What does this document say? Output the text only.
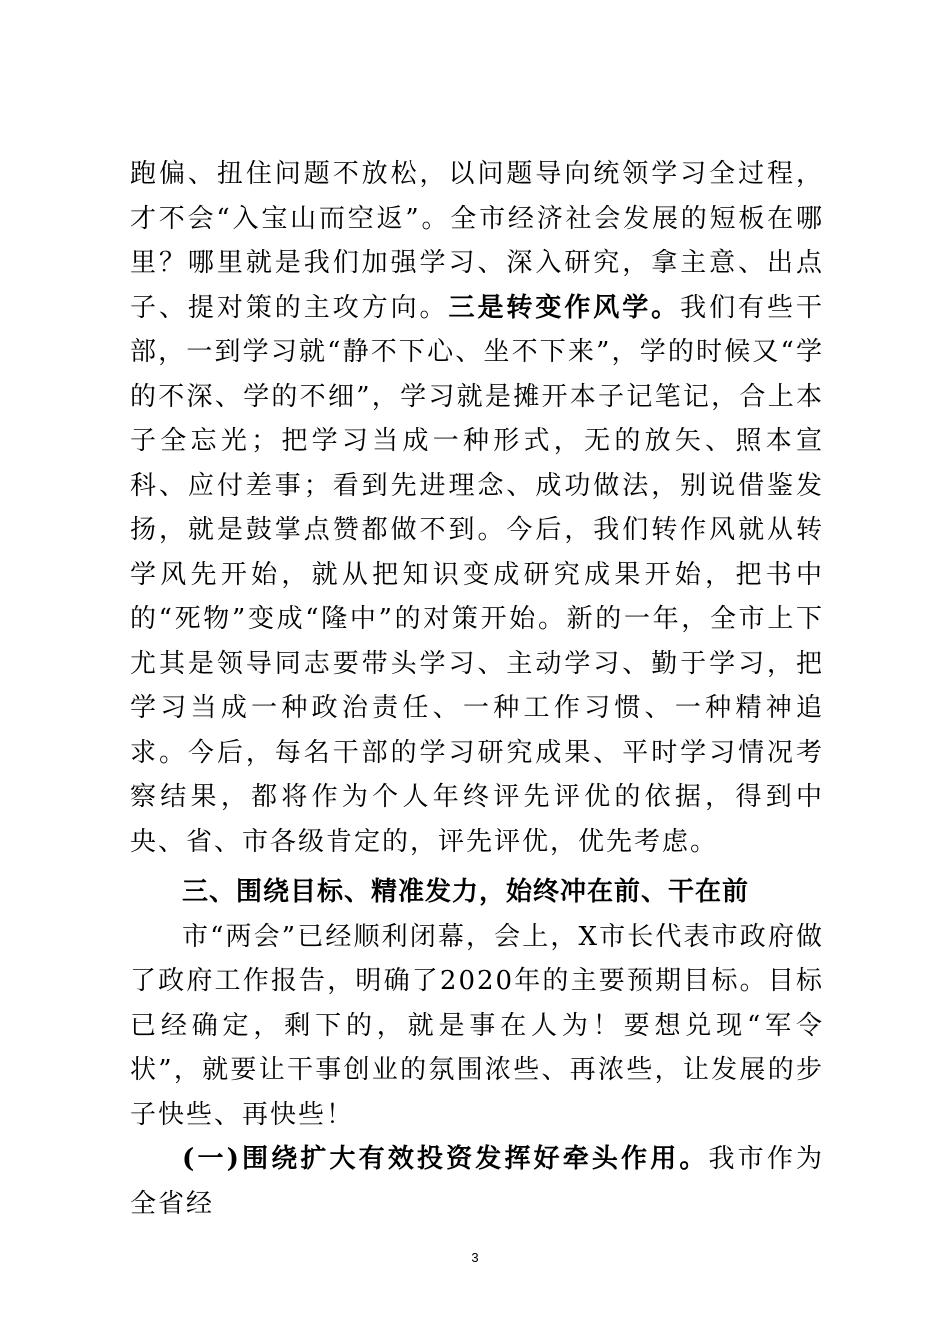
跑偏、扭住问题不放松，以问题导向统领学习全过程，才不会“入宝山而空返”。全市经济社会发展的短板在哪里？哪里就是我们加强学习、深入研究，拿主意、出点子、提对策的主攻方向。三是转变作风学。我们有些干部，一到学习就“静不下心、坐不下来”，学的时候又“学的不深、学的不细”，学习就是摊开本子记笔记，合上本子全忘光；把学习当成一种形式，无的放矢、照本宣科、应付差事；看到先进理念、成功做法，别说借鉴发扬，就是鼓掌点赞都做不到。今后，我们转作风就从转学风先开始，就从把知识变成研究成果开始，把书中的“死物”变成“隆中”的对策开始。新的一年，全市上下尤其是领导同志要带头学习、主动学习、勤于学习，把学习当成一种政治责任、一种工作习惯、一种精神追求。今后，每名干部的学习研究成果、平时学习情况考察结果，都将作为个人年终评先评优的依据，得到中央、省、市各级肯定的，评先评优，优先考虑。

三、围绕目标、精准发力，始终冲在前、干在前

市“两会”已经顺利闭幕，会上，X市长代表市政府做了政府工作报告，明确了2020年的主要预期目标。目标已经确定，剩下的，就是事在人为！要想兑现“军令状”，就要让干事创业的氛围浓些、再浓些，让发展的步子快些、再快些！

(一)围绕扩大有效投资发挥好牵头作用。我市作为全省经

3
